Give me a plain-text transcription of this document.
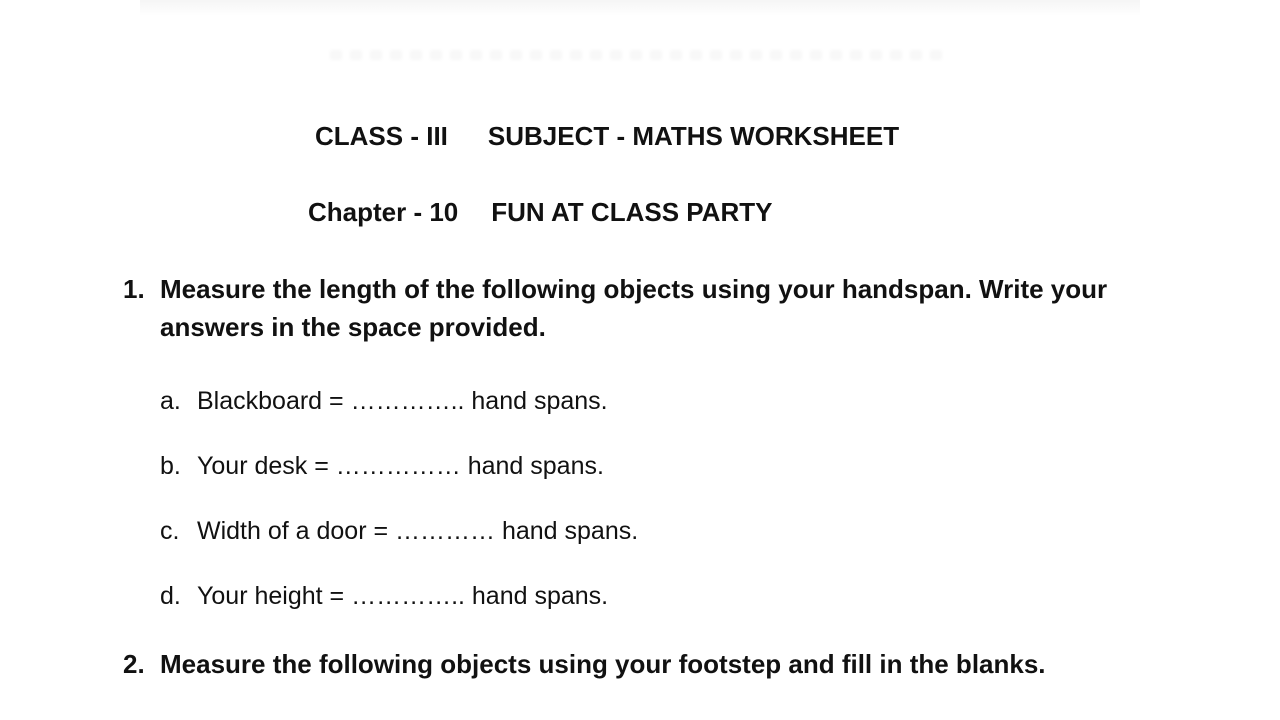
CLASS - III SUBJECT - MATHS WORKSHEET
Chapter - 10 FUN AT CLASS PARTY
1. Measure the length of the following objects using your handspan. Write your answers in the space provided.
a. Blackboard = ………….. hand spans.
b. Your desk = …………… hand spans.
c. Width of a door = ………… hand spans.
d. Your height = ………….. hand spans.
2. Measure the following objects using your footstep and fill in the blanks.
